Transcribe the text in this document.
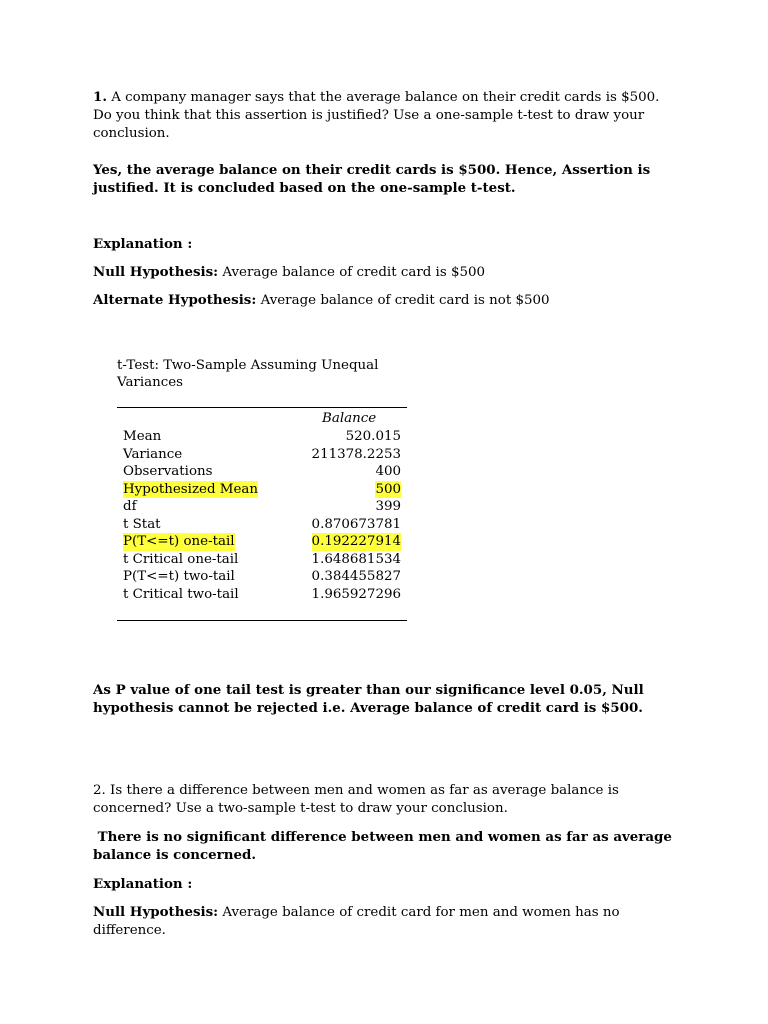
1. A company manager says that the average balance on their credit cards is $500. Do you think that this assertion is justified? Use a one-sample t-test to draw your conclusion.

Yes, the average balance on their credit cards is $500. Hence, Assertion is justified. It is concluded based on the one-sample t-test.

Explanation :

Null Hypothesis: Average balance of credit card is $500

Alternate Hypothesis: Average balance of credit card is not $500

t-Test: Two-Sample Assuming Unequal Variances

Balance
Mean	520.015
Variance	211378.2253
Observations	400
Hypothesized Mean	500
df	399
t Stat	0.870673781
P(T<=t) one-tail	0.192227914
t Critical one-tail	1.648681534
P(T<=t) two-tail	0.384455827
t Critical two-tail	1.965927296

As P value of one tail test is greater than our significance level 0.05, Null hypothesis cannot be rejected i.e. Average balance of credit card is $500.

2. Is there a difference between men and women as far as average balance is concerned? Use a two-sample t-test to draw your conclusion.

There is no significant difference between men and women as far as average balance is concerned.

Explanation :

Null Hypothesis: Average balance of credit card for men and women has no difference.
